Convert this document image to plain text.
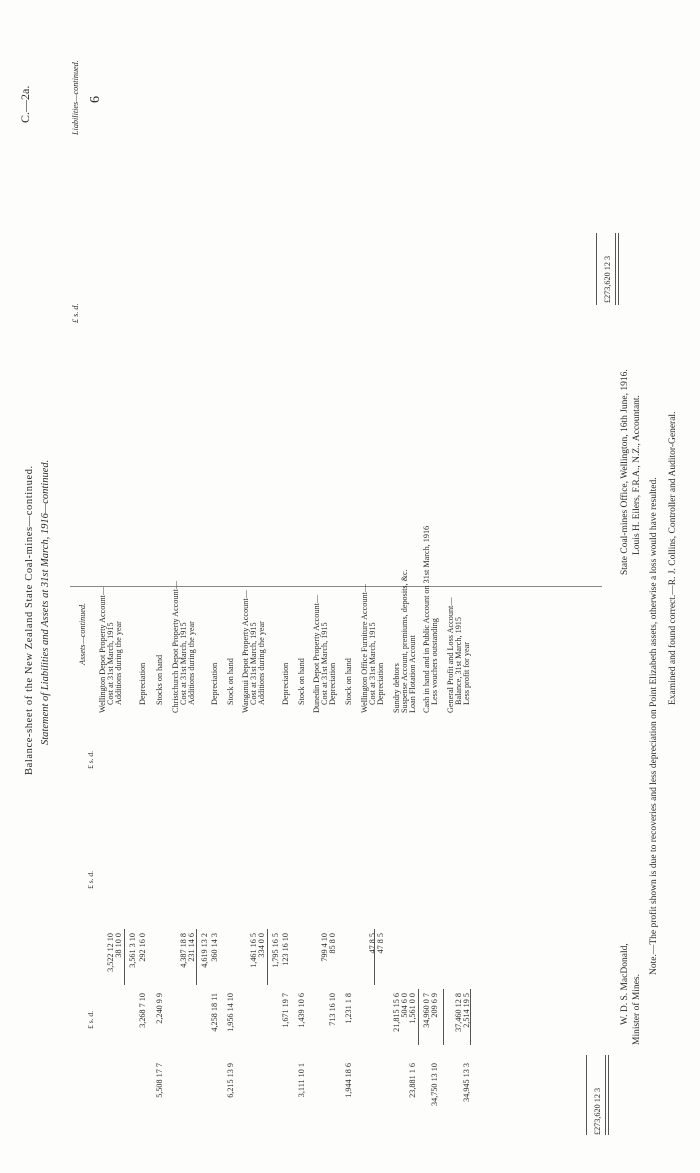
Balance-sheet of the New Zealand State Coal-mines—continued.
C.—2a.	6
Statement of Liabilities and Assets at 31st March, 1916—continued.
Liabilities—continued.
£ s. d.
£273,620 12 3
Assets—continued.
£ s. d.
£ s. d.
£ s. d.
Wellington Depot Property Account— Cost at 31st March, 1915
3,522 12 10
Additions during the year
38 10 0 3,561 3 10
Depreciation
292 16 0
3,268 7 10
Stocks on hand
2,240 9 9
5,508 17 7
Christchurch Depot Property Account— Cost at 31st March, 1915
4,387 18 8
Additions during the year
231 14 6 4,619 13 2
Depreciation
360 14 3
4,258 18 11
Stock on hand
1,956 14 10
6,215 13 9
Wanganui Depot Property Account— Cost at 31st March, 1915
1,461 16 5
Additions during the year
334 0 0 1,795 16 5
Depreciation
123 16 10
1,671 19 7
Stock on hand
1,439 10 6
3,111 10 1
Dunedin Depot Property Account— Cost at 31st March, 1915
799 4 10
Depreciation
85 8 0
713 16 10
Stock on hand
1,231 1 8
1,944 18 6
Wellington Office Furniture Account— Cost at 31st March, 1915
47 8 5
Depreciation
47 8 5
Sundry debtors
21,815 15 6
Suspense Account, premiums, deposits, &c.
504 6 0
Loan Flotation Account
1,561 0 0
23,881 1 6
Cash in hand and in Public Account on 31st March, 1916
34,960 0 7
Less vouchers outstanding
209 6 9
34,750 13 10
General Profit and Loss Account— Balance, 31st March, 1915
37,460 12 8
Less profit for year
2,514 19 5
34,945 13 3
£273,620 12 3
State Coal-mines Office, Wellington, 16th June, 1916. Louis H. Eilers, F.R.A., N.Z., Accountant.
W. D. S. MacDonald, Minister of Mines.
Note.—The profit shown is due to recoveries and less depreciation on Point Elizabeth assets, otherwise a loss would have resulted. Examined and found correct.—R. J. Collins, Controller and Auditor-General.
